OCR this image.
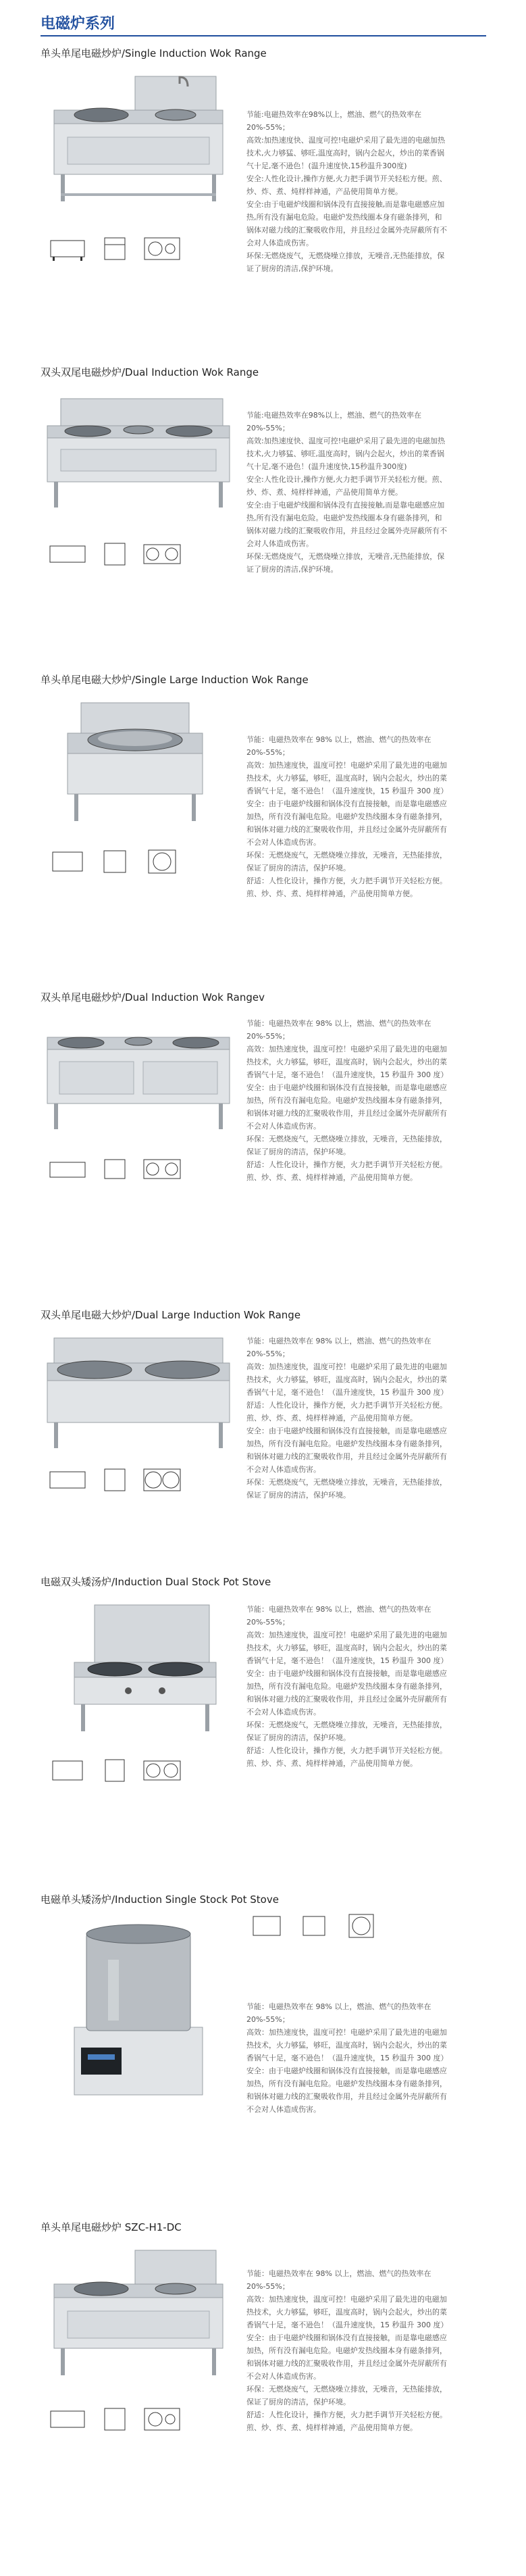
电磁炉系列
单头单尾电磁炒炉/Single Induction Wok Range

节能:电磁热效率在98%以上，燃油、燃气的热效率在

20%-55%；

高效:加热速度快、温度可控!电磁炉采用了最先进的电磁加热

技术,火力够猛、够旺,温度高时，锅内会起火，炒出的菜香锅

气十足,毫不逊色！(温升速度快,15秒温升300度)

安全:人性化设计,操作方便,火力把手调节开关轻松方便。煎、

炒、炸、煮、炖样样神通，产品使用简单方便。

安全:由于电磁炉线圈和锅体没有直接接触,而是靠电磁感应加

热,所有没有漏电危险。电磁炉发热线圈本身有磁条排列，和

锅体对磁力线的汇聚吸收作用，并且经过金属外壳屏蔽所有不

会对人体造成伤害。

环保:无燃烧废气，无燃烧噪立排放，无噪音,无热能排放，保

证了厨房的清洁,保护环境。

双头双尾电磁炒炉/Dual Induction Wok Range

节能:电磁热效率在98%以上，燃油、燃气的热效率在

20%-55%；

高效:加热速度快、温度可控!电磁炉采用了最先进的电磁加热

技术,火力够猛、够旺,温度高时，锅内会起火，炒出的菜香锅

气十足,毫不逊色！(温升速度快,15秒温升300度)

安全:人性化设计,操作方便,火力把手调节开关轻松方便。煎、

炒、炸、煮、炖样样神通，产品使用简单方便。

安全:由于电磁炉线圈和锅体没有直接接触,而是靠电磁感应加

热,所有没有漏电危险。电磁炉发热线圈本身有磁条排列，和

锅体对磁力线的汇聚吸收作用，并且经过金属外壳屏蔽所有不

会对人体造成伤害。

环保:无燃烧废气，无燃烧噪立排放，无噪音,无热能排放，保

证了厨房的清洁,保护环境。

单头单尾电磁大炒炉/Single Large Induction Wok Range

节能：电磁热效率在 98% 以上，燃油、燃气的热效率在

20%-55%；

高效：加热速度快，温度可控！电磁炉采用了最先进的电磁加

热技术，火力够猛，够旺，温度高时，锅内会起火，炒出的菜

香锅气十足，毫不逊色！（温升速度快，15 秒温升 300 度）

安全：由于电磁炉线圈和锅体没有直接接触，而是靠电磁感应

加热，所有没有漏电危险。电磁炉发热线圈本身有磁条排列，

和锅体对磁力线的汇聚吸收作用，并且经过金属外壳屏蔽所有

不会对人体造成伤害。

环保：无燃烧废气，无燃烧噪立排放，无噪音，无热能排放，

保证了厨房的清洁，保护环境。

舒适：人性化设计，操作方便，火力把手调节开关轻松方便。

煎、炒、炸、煮、炖样样神通，产品使用简单方便。

双头单尾电磁炒炉/Dual Induction Wok Rangev

节能：电磁热效率在 98% 以上，燃油、燃气的热效率在

20%-55%；

高效：加热速度快，温度可控！电磁炉采用了最先进的电磁加

热技术，火力够猛，够旺，温度高时，锅内会起火，炒出的菜

香锅气十足，毫不逊色！（温升速度快，15 秒温升 300 度）

安全：由于电磁炉线圈和锅体没有直接接触，而是靠电磁感应

加热，所有没有漏电危险。电磁炉发热线圈本身有磁条排列，

和锅体对磁力线的汇聚吸收作用，并且经过金属外壳屏蔽所有

不会对人体造成伤害。

环保：无燃烧废气，无燃烧噪立排放，无噪音，无热能排放，

保证了厨房的清洁，保护环境。

舒适：人性化设计，操作方便，火力把手调节开关轻松方便。

煎、炒、炸、煮、炖样样神通，产品使用简单方便。

双头单尾电磁大炒炉/Dual Large Induction Wok Range

节能：电磁热效率在 98% 以上，燃油、燃气的热效率在

20%-55%；

高效：加热速度快，温度可控！电磁炉采用了最先进的电磁加

热技术，火力够猛，够旺，温度高时，锅内会起火，炒出的菜

香锅气十足，毫不逊色！（温升速度快，15 秒温升 300 度）

舒适：人性化设计，操作方便，火力把手调节开关轻松方便。

煎、炒、炸、煮、炖样样神通，产品使用简单方便。

安全：由于电磁炉线圈和锅体没有直接接触，而是靠电磁感应

加热，所有没有漏电危险。电磁炉发热线圈本身有磁条排列，

和锅体对磁力线的汇聚吸收作用，并且经过金属外壳屏蔽所有

不会对人体造成伤害。

环保：无燃烧废气，无燃烧噪立排放，无噪音，无热能排放，

保证了厨房的清洁，保护环境。

电磁双头矮汤炉/Induction Dual Stock Pot Stove

节能：电磁热效率在 98% 以上，燃油、燃气的热效率在

20%-55%；

高效：加热速度快，温度可控！电磁炉采用了最先进的电磁加

热技术，火力够猛，够旺，温度高时，锅内会起火，炒出的菜

香锅气十足，毫不逊色！（温升速度快，15 秒温升 300 度）

安全：由于电磁炉线圈和锅体没有直接接触，而是靠电磁感应

加热，所有没有漏电危险。电磁炉发热线圈本身有磁条排列，

和锅体对磁力线的汇聚吸收作用，并且经过金属外壳屏蔽所有

不会对人体造成伤害。

环保：无燃烧废气，无燃烧噪立排放，无噪音，无热能排放，

保证了厨房的清洁，保护环境。

舒适：人性化设计，操作方便，火力把手调节开关轻松方便。

煎、炒、炸、煮、炖样样神通，产品使用简单方便。

电磁单头矮汤炉/Induction Single Stock Pot Stove

节能：电磁热效率在 98% 以上，燃油、燃气的热效率在

20%-55%；

高效：加热速度快，温度可控！电磁炉采用了最先进的电磁加

热技术，火力够猛，够旺，温度高时，锅内会起火，炒出的菜

香锅气十足，毫不逊色！（温升速度快，15 秒温升 300 度）

安全：由于电磁炉线圈和锅体没有直接接触，而是靠电磁感应

加热，所有没有漏电危险。电磁炉发热线圈本身有磁条排列，

和锅体对磁力线的汇聚吸收作用，并且经过金属外壳屏蔽所有

不会对人体造成伤害。

单头单尾电磁炒炉 SZC-H1-DC

节能：电磁热效率在 98% 以上，燃油、燃气的热效率在

20%-55%；

高效：加热速度快，温度可控！电磁炉采用了最先进的电磁加

热技术，火力够猛，够旺，温度高时，锅内会起火，炒出的菜

香锅气十足，毫不逊色！（温升速度快，15 秒温升 300 度）

安全：由于电磁炉线圈和锅体没有直接接触，而是靠电磁感应

加热，所有没有漏电危险。电磁炉发热线圈本身有磁条排列，

和锅体对磁力线的汇聚吸收作用，并且经过金属外壳屏蔽所有

不会对人体造成伤害。

环保：无燃烧废气，无燃烧噪立排放，无噪音，无热能排放，

保证了厨房的清洁，保护环境。

舒适：人性化设计，操作方便，火力把手调节开关轻松方便。

煎、炒、炸、煮、炖样样神通，产品使用简单方便。
